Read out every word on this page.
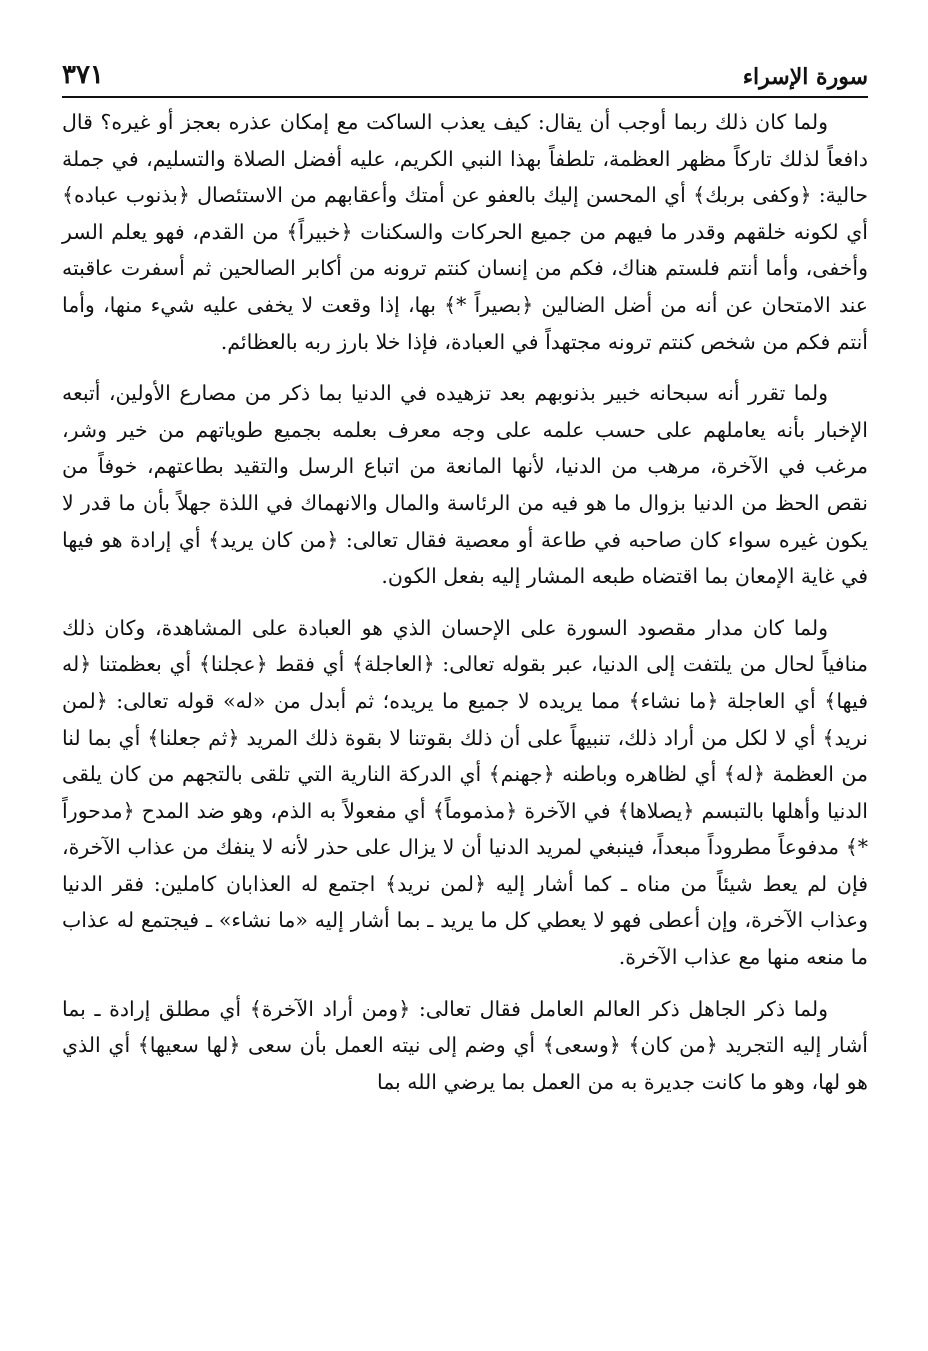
سورة الإسراء
٣٧١

ولما كان ذلك ربما أوجب أن يقال: كيف يعذب الساكت مع إمكان عذره بعجز أو غيره؟ قال دافعاً لذلك تاركاً مظهر العظمة، تلطفاً بهذا النبي الكريم، عليه أفضل الصلاة والتسليم، في جملة حالية: ﴿وكفى بربك﴾ أي المحسن إليك بالعفو عن أمتك وأعقابهم من الاستئصال ﴿بذنوب عباده﴾ أي لكونه خلقهم وقدر ما فيهم من جميع الحركات والسكنات ﴿خبيراً﴾ من القدم، فهو يعلم السر وأخفى، وأما أنتم فلستم هناك، فكم من إنسان كنتم ترونه من أكابر الصالحين ثم أسفرت عاقبته عند الامتحان عن أنه من أضل الضالين ﴿بصيراً *﴾ بها، إذا وقعت لا يخفى عليه شيء منها، وأما أنتم فكم من شخص كنتم ترونه مجتهداً في العبادة، فإذا خلا بارز ربه بالعظائم.

ولما تقرر أنه سبحانه خبير بذنوبهم بعد تزهيده في الدنيا بما ذكر من مصارع الأولين، أتبعه الإخبار بأنه يعاملهم على حسب علمه على وجه معرف بعلمه بجميع طوياتهم من خير وشر، مرغب في الآخرة، مرهب من الدنيا، لأنها المانعة من اتباع الرسل والتقيد بطاعتهم، خوفاً من نقص الحظ من الدنيا بزوال ما هو فيه من الرئاسة والمال والانهماك في اللذة جهلاً بأن ما قدر لا يكون غيره سواء كان صاحبه في طاعة أو معصية فقال تعالى: ﴿من كان يريد﴾ أي إرادة هو فيها في غاية الإمعان بما اقتضاه طبعه المشار إليه بفعل الكون.

ولما كان مدار مقصود السورة على الإحسان الذي هو العبادة على المشاهدة، وكان ذلك منافياً لحال من يلتفت إلى الدنيا، عبر بقوله تعالى: ﴿العاجلة﴾ أي فقط ﴿عجلنا﴾ أي بعظمتنا ﴿له فيها﴾ أي العاجلة ﴿ما نشاء﴾ مما يريده لا جميع ما يريده؛ ثم أبدل من «له» قوله تعالى: ﴿لمن نريد﴾ أي لا لكل من أراد ذلك، تنبيهاً على أن ذلك بقوتنا لا بقوة ذلك المريد ﴿ثم جعلنا﴾ أي بما لنا من العظمة ﴿له﴾ أي لظاهره وباطنه ﴿جهنم﴾ أي الدركة النارية التي تلقى بالتجهم من كان يلقى الدنيا وأهلها بالتبسم ﴿يصلاها﴾ في الآخرة ﴿مذموماً﴾ أي مفعولاً به الذم، وهو ضد المدح ﴿مدحوراً *﴾ مدفوعاً مطروداً مبعداً، فينبغي لمريد الدنيا أن لا يزال على حذر لأنه لا ينفك من عذاب الآخرة، فإن لم يعط شيئاً من مناه ـ كما أشار إليه ﴿لمن نريد﴾ اجتمع له العذابان كاملين: فقر الدنيا وعذاب الآخرة، وإن أعطى فهو لا يعطي كل ما يريد ـ بما أشار إليه «ما نشاء» ـ فيجتمع له عذاب ما منعه منها مع عذاب الآخرة.

ولما ذكر الجاهل ذكر العالم العامل فقال تعالى: ﴿ومن أراد الآخرة﴾ أي مطلق إرادة ـ بما أشار إليه التجريد ﴿من كان﴾ ﴿وسعى﴾ أي وضم إلى نيته العمل بأن سعى ﴿لها سعيها﴾ أي الذي هو لها، وهو ما كانت جديرة به من العمل بما يرضي الله بما
